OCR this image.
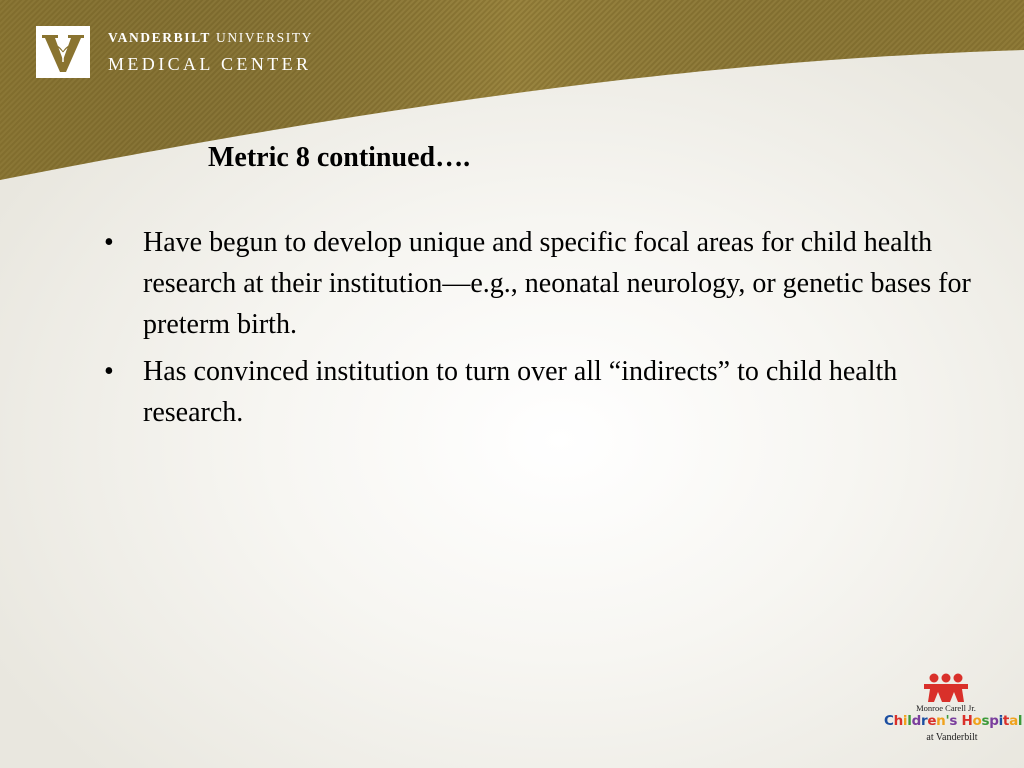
VANDERBILT UNIVERSITY
MEDICAL CENTER
Metric 8 continued….
• Have begun to develop unique and specific focal areas for child health research at their institution—e.g., neonatal neurology, or genetic bases for preterm birth.
• Has convinced institution to turn over all “indirects” to child health research.
Monroe Carell Jr.
Children's Hospital
at Vanderbilt
